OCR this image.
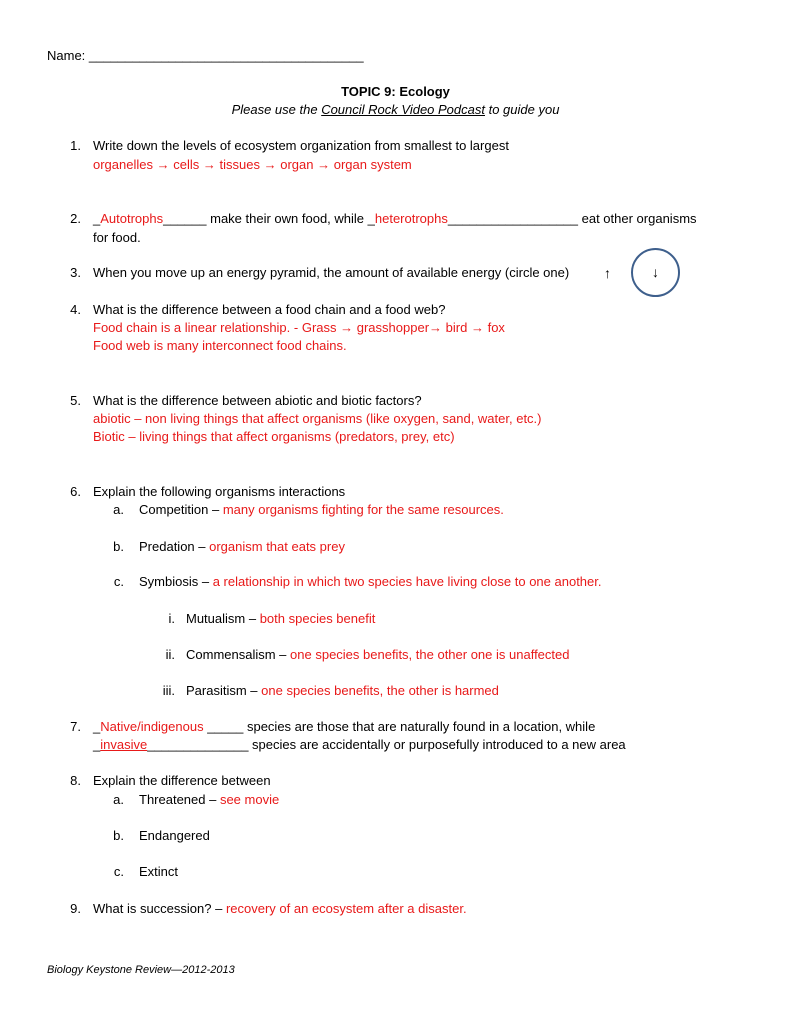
Name: ______________________________________
TOPIC 9: Ecology
Please use the Council Rock Video Podcast to guide you
1. Write down the levels of ecosystem organization from smallest to largest
organelles → cells → tissues → organ → organ system
2. _Autotrophs______ make their own food, while _heterotrophs__________________ eat other organisms
for food.
3. When you move up an energy pyramid, the amount of available energy (circle one) ↑	↓
4. What is the difference between a food chain and a food web?
Food chain is a linear relationship. - Grass → grasshopper→ bird → fox
Food web is many interconnect food chains.
5. What is the difference between abiotic and biotic factors?
abiotic – non living things that affect organisms (like oxygen, sand, water, etc.)
Biotic – living things that affect organisms (predators, prey, etc)
6. Explain the following organisms interactions
a. Competition – many organisms fighting for the same resources.
b. Predation – organism that eats prey
c. Symbiosis – a relationship in which two species have living close to one another.
i. Mutualism – both species benefit
ii. Commensalism – one species benefits, the other one is unaffected
iii. Parasitism – one species benefits, the other is harmed
7. _Native/indigenous _____ species are those that are naturally found in a location, while
_invasive______________ species are accidentally or purposefully introduced to a new area
8. Explain the difference between
a. Threatened – see movie
b. Endangered
c. Extinct
9. What is succession? – recovery of an ecosystem after a disaster.
Biology Keystone Review—2012-2013
